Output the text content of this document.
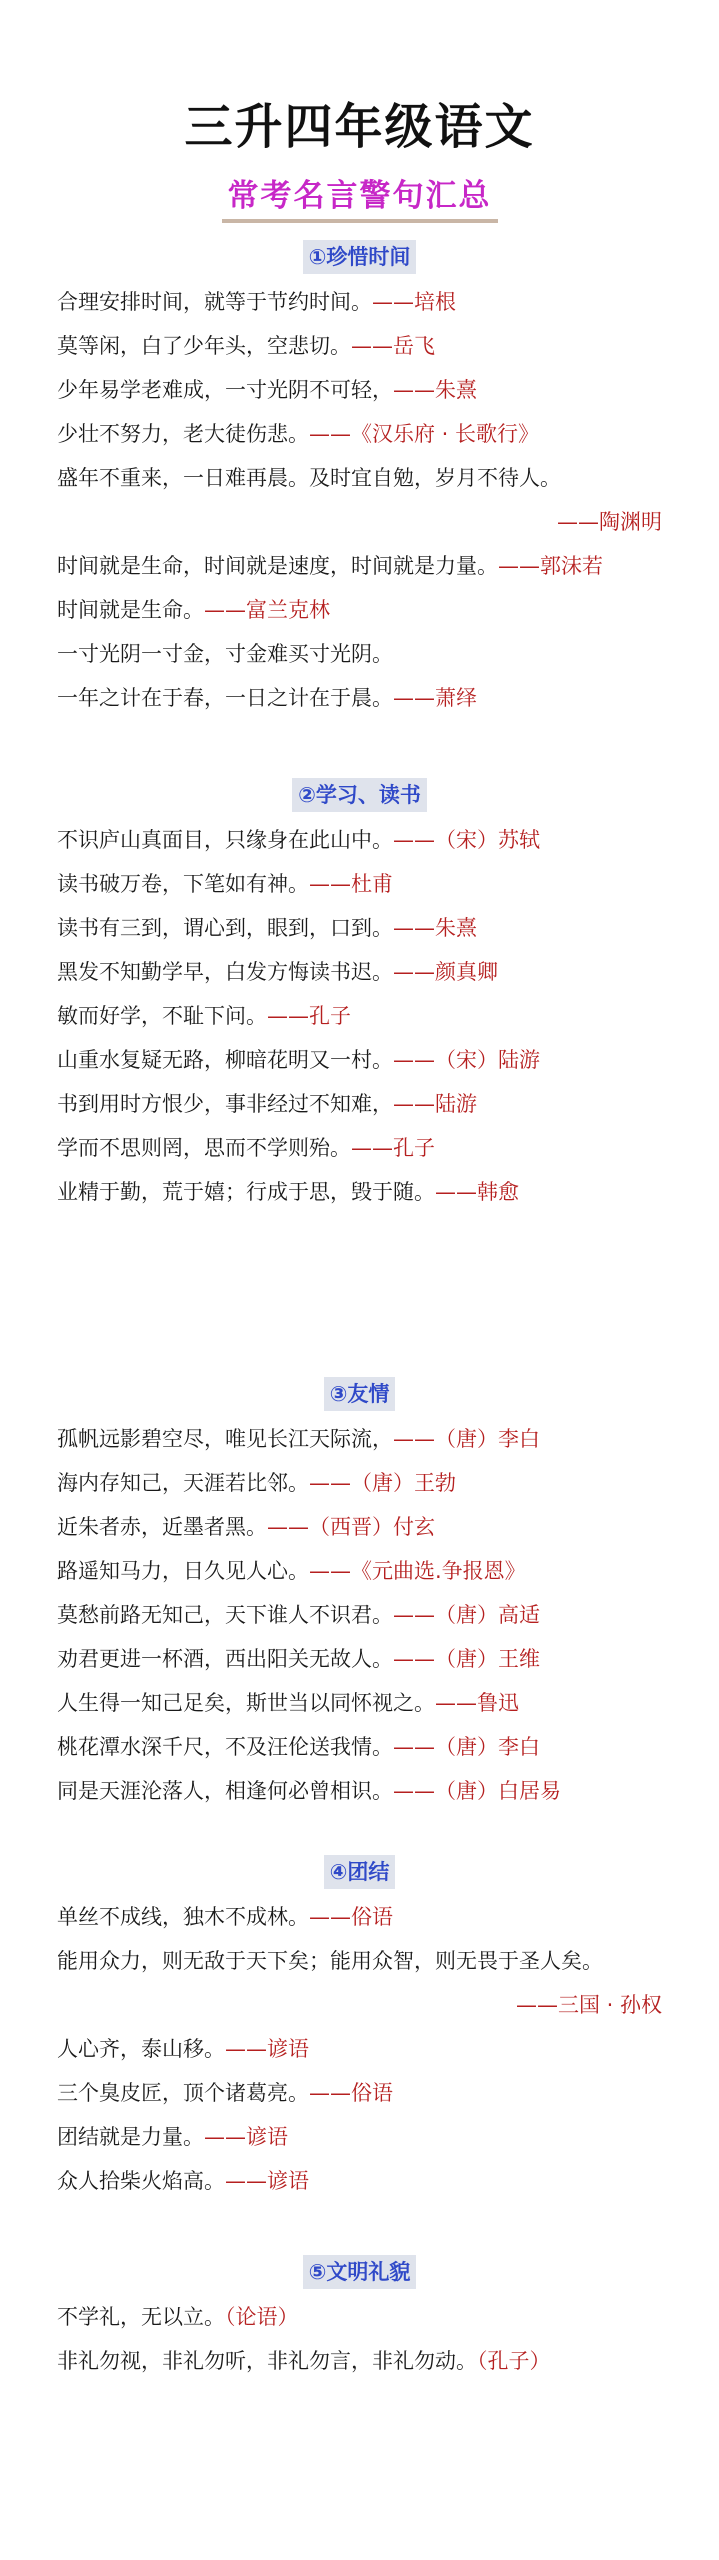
三升四年级语文
常考名言警句汇总
①珍惜时间
合理安排时间，就等于节约时间。——培根
莫等闲，白了少年头，空悲切。——岳飞
少年易学老难成，一寸光阴不可轻，——朱熹
少壮不努力，老大徒伤悲。——《汉乐府 · 长歌行》
盛年不重来，一日难再晨。及时宜自勉，岁月不待人。
——陶渊明
时间就是生命，时间就是速度，时间就是力量。——郭沫若
时间就是生命。——富兰克林
一寸光阴一寸金，寸金难买寸光阴。
一年之计在于春，一日之计在于晨。——萧绎
②学习、读书
不识庐山真面目，只缘身在此山中。——（宋）苏轼
读书破万卷，下笔如有神。——杜甫
读书有三到，谓心到，眼到，口到。——朱熹
黑发不知勤学早，白发方悔读书迟。——颜真卿
敏而好学，不耻下问。——孔子
山重水复疑无路，柳暗花明又一村。——（宋）陆游
书到用时方恨少，事非经过不知难，——陆游
学而不思则罔，思而不学则殆。——孔子
业精于勤，荒于嬉；行成于思，毁于随。——韩愈
③友情
孤帆远影碧空尽，唯见长江天际流，——（唐）李白
海内存知己，天涯若比邻。——（唐）王勃
近朱者赤，近墨者黑。——（西晋）付玄
路遥知马力，日久见人心。——《元曲选.争报恩》
莫愁前路无知己，天下谁人不识君。——（唐）高适
劝君更进一杯酒，西出阳关无故人。——（唐）王维
人生得一知己足矣，斯世当以同怀视之。——鲁迅
桃花潭水深千尺，不及汪伦送我情。——（唐）李白
同是天涯沦落人，相逢何必曾相识。——（唐）白居易
④团结
单丝不成线，独木不成林。——俗语
能用众力，则无敌于天下矣；能用众智，则无畏于圣人矣。
——三国 · 孙权
人心齐，泰山移。——谚语
三个臭皮匠，顶个诸葛亮。——俗语
团结就是力量。——谚语
众人拾柴火焰高。——谚语
⑤文明礼貌
不学礼，无以立。（论语）
非礼勿视，非礼勿听，非礼勿言，非礼勿动。（孔子）
